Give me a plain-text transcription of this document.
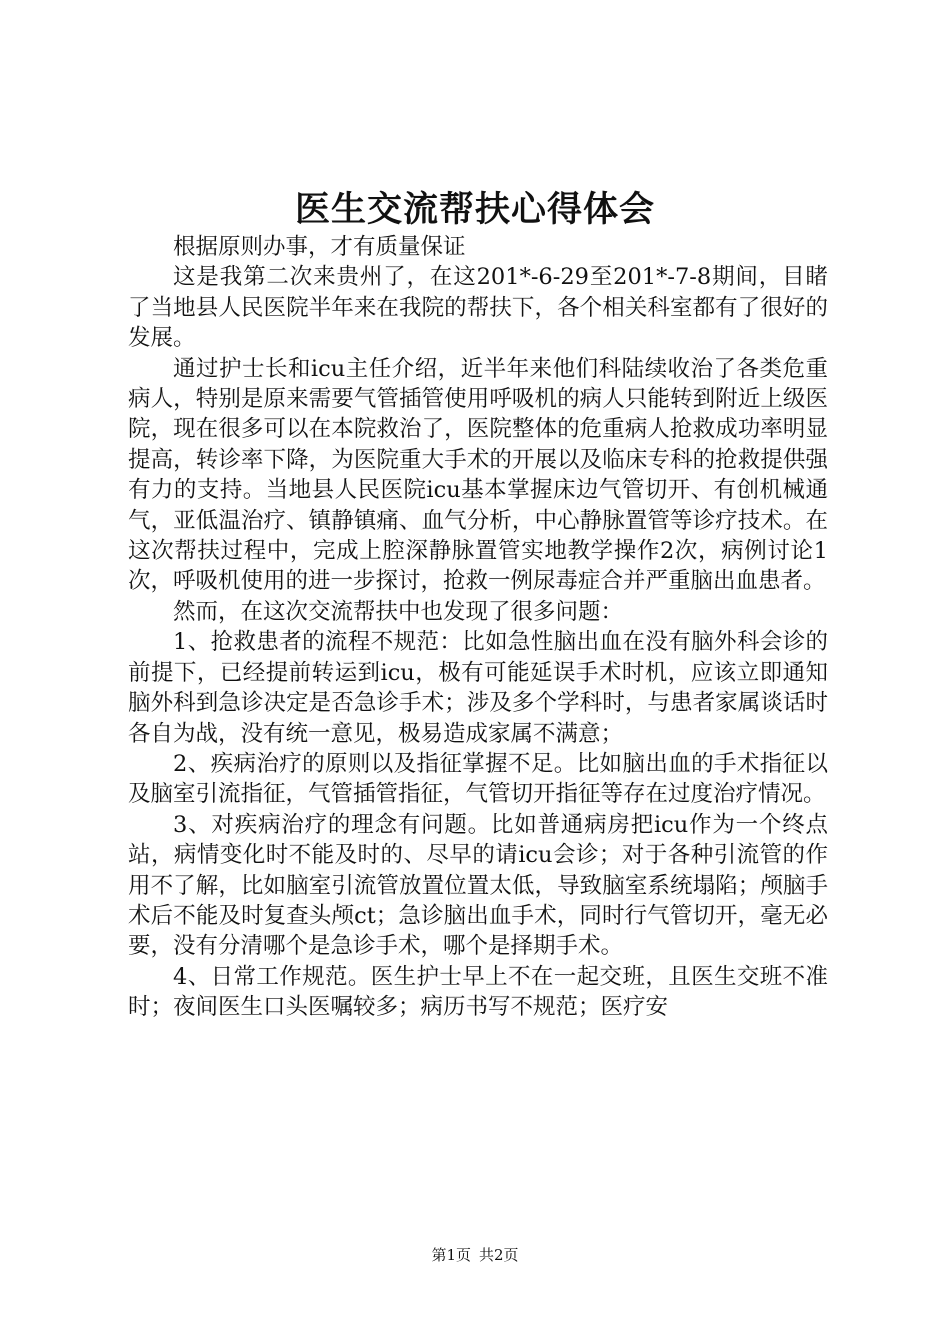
医生交流帮扶心得体会

根据原则办事，才有质量保证

这是我第二次来贵州了，在这201*-6-29至201*-7-8期间，目睹了当地县人民医院半年来在我院的帮扶下，各个相关科室都有了很好的发展。

通过护士长和icu主任介绍，近半年来他们科陆续收治了各类危重病人，特别是原来需要气管插管使用呼吸机的病人只能转到附近上级医院，现在很多可以在本院救治了，医院整体的危重病人抢救成功率明显提高，转诊率下降，为医院重大手术的开展以及临床专科的抢救提供强有力的支持。当地县人民医院icu基本掌握床边气管切开、有创机械通气，亚低温治疗、镇静镇痛、血气分析，中心静脉置管等诊疗技术。在这次帮扶过程中，完成上腔深静脉置管实地教学操作2次，病例讨论1次，呼吸机使用的进一步探讨，抢救一例尿毒症合并严重脑出血患者。

然而，在这次交流帮扶中也发现了很多问题：

1、抢救患者的流程不规范：比如急性脑出血在没有脑外科会诊的前提下，已经提前转运到icu，极有可能延误手术时机，应该立即通知脑外科到急诊决定是否急诊手术；涉及多个学科时，与患者家属谈话时各自为战，没有统一意见，极易造成家属不满意；

2、疾病治疗的原则以及指征掌握不足。比如脑出血的手术指征以及脑室引流指征，气管插管指征，气管切开指征等存在过度治疗情况。

3、对疾病治疗的理念有问题。比如普通病房把icu作为一个终点站，病情变化时不能及时的、尽早的请icu会诊；对于各种引流管的作用不了解，比如脑室引流管放置位置太低，导致脑室系统塌陷；颅脑手术后不能及时复查头颅ct；急诊脑出血手术，同时行气管切开，毫无必要，没有分清哪个是急诊手术，哪个是择期手术。

4、日常工作规范。医生护士早上不在一起交班，且医生交班不准时；夜间医生口头医嘱较多；病历书写不规范；医疗安

第1页 共2页
